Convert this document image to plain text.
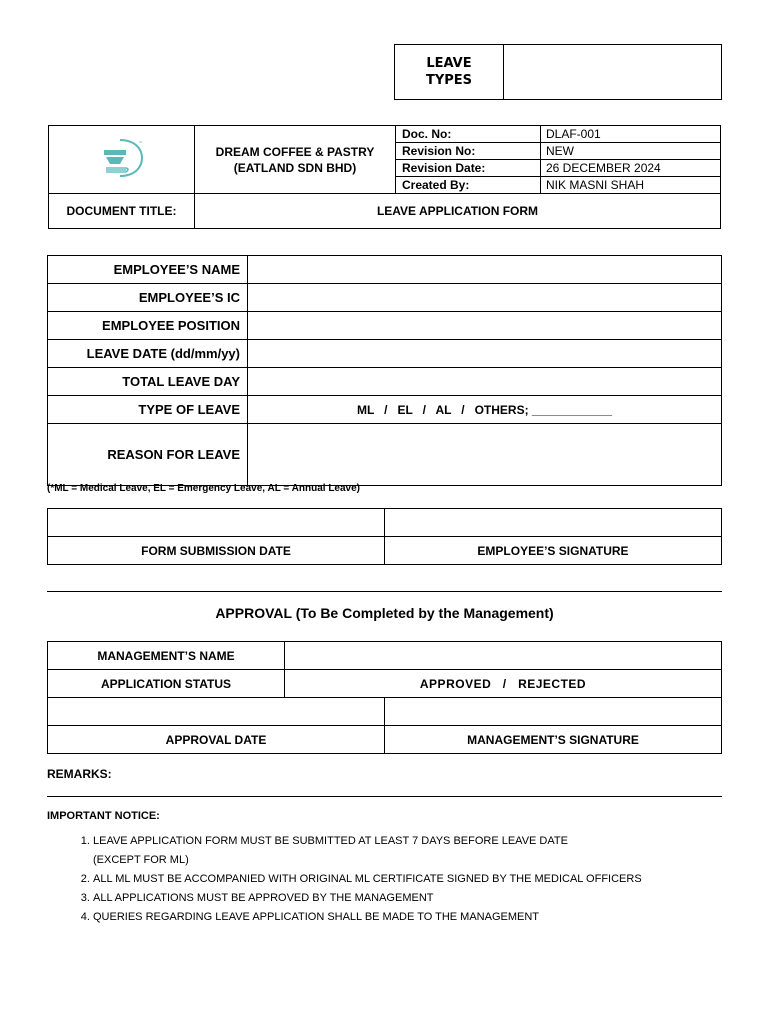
LEAVE
TYPES	
™	DREAM COFFEE & PASTRY
(EATLAND SDN BHD)	Doc. No:	DLAF-001
		Revision No:	NEW
		Revision Date:	26 DECEMBER 2024
		Created By:	NIK MASNI SHAH
DOCUMENT TITLE:	LEAVE APPLICATION FORM		
EMPLOYEE’S NAME	
EMPLOYEE’S IC	
EMPLOYEE POSITION	
LEAVE DATE (dd/mm/yy)	
TOTAL LEAVE DAY	
TYPE OF LEAVE	ML   /   EL   /   AL   /   OTHERS; ____________
REASON FOR LEAVE	
(*ML = Medical Leave, EL = Emergency Leave, AL = Annual Leave)

FORM SUBMISSION DATE	EMPLOYEE’S SIGNATURE
APPROVAL (To Be Completed by the Management)
MANAGEMENT’S NAME	
APPLICATION STATUS	APPROVED   /   REJECTED

APPROVAL DATE	MANAGEMENT’S SIGNATURE
REMARKS:
IMPORTANT NOTICE:
1. LEAVE APPLICATION FORM MUST BE SUBMITTED AT LEAST 7 DAYS BEFORE LEAVE DATE
(EXCEPT FOR ML)
2. ALL ML MUST BE ACCOMPANIED WITH ORIGINAL ML CERTIFICATE SIGNED BY THE MEDICAL OFFICERS
3. ALL APPLICATIONS MUST BE APPROVED BY THE MANAGEMENT
4. QUERIES REGARDING LEAVE APPLICATION SHALL BE MADE TO THE MANAGEMENT
